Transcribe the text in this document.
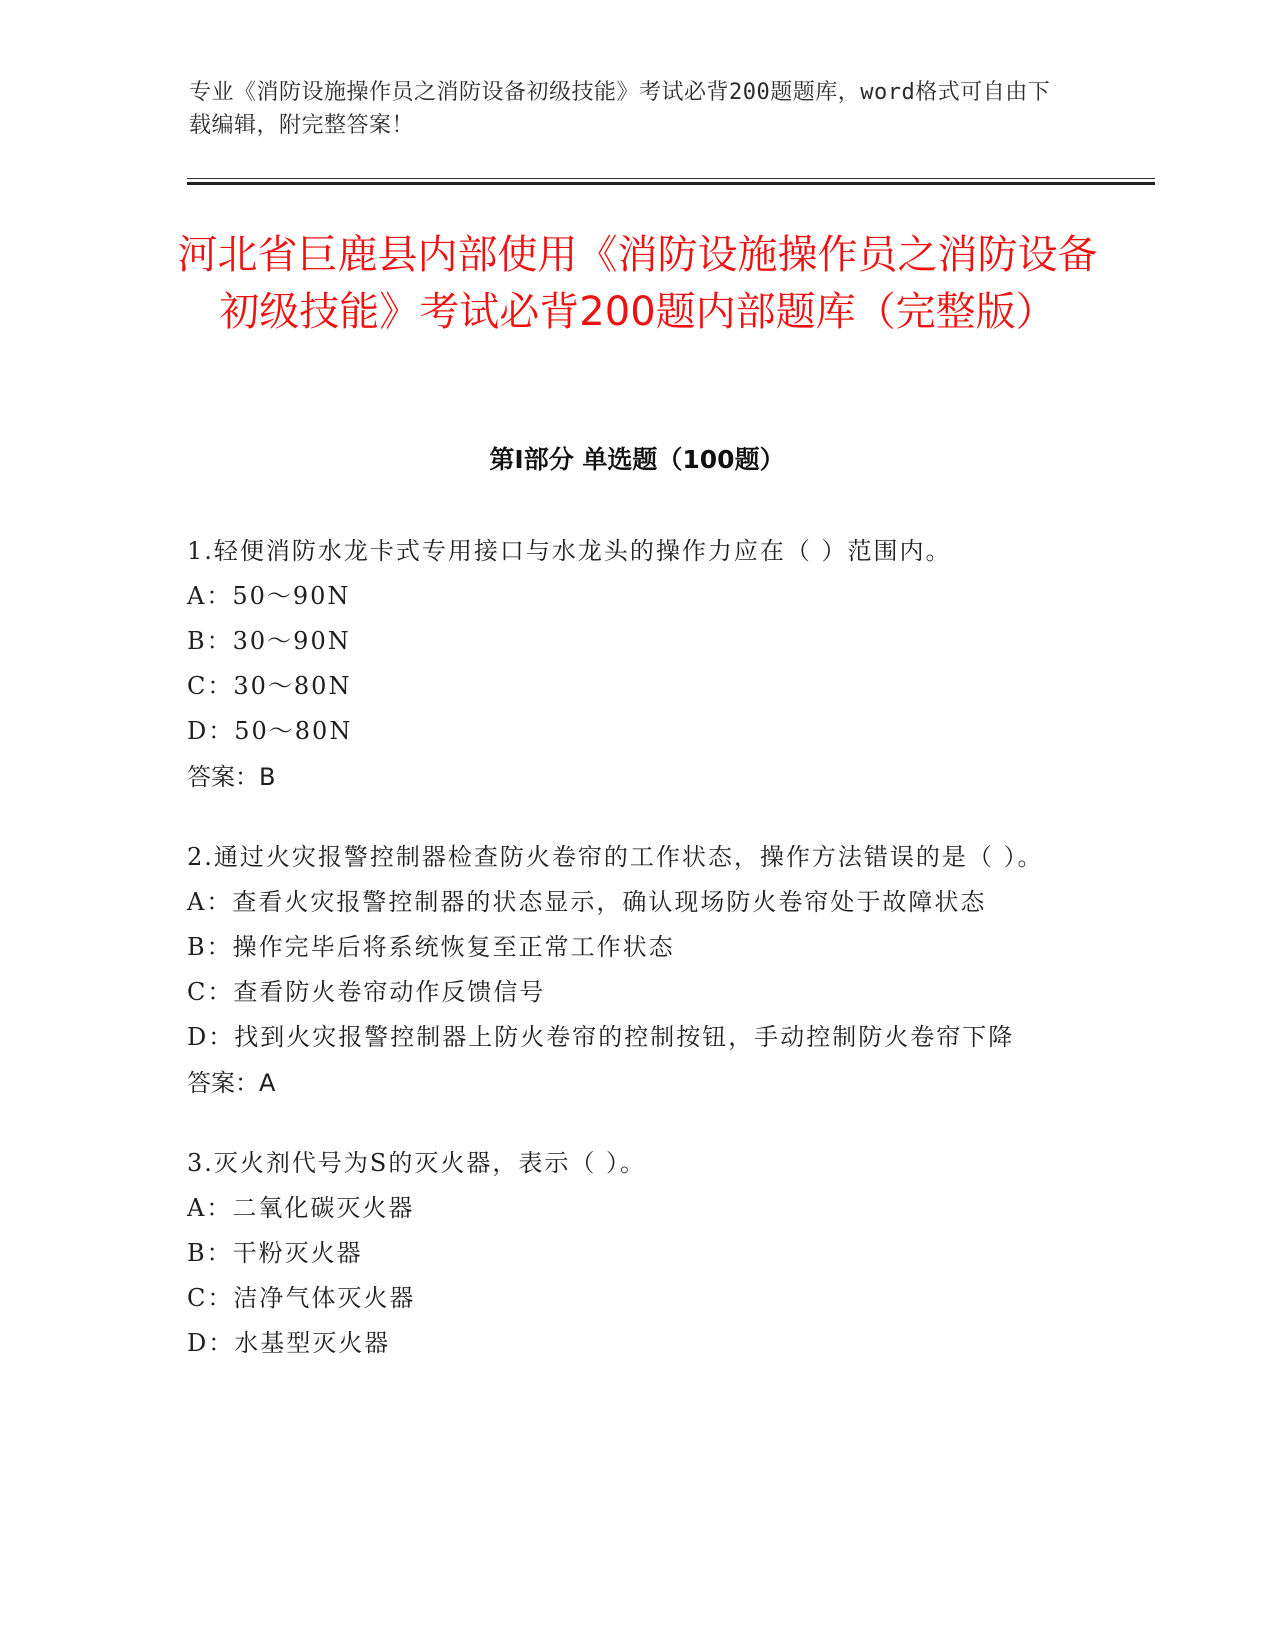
专业《消防设施操作员之消防设备初级技能》考试必背200题题库，word格式可自由下载编辑，附完整答案！
河北省巨鹿县内部使用《消防设施操作员之消防设备初级技能》考试必背200题内部题库（完整版）
第Ⅰ部分 单选题（100题）
1.轻便消防水龙卡式专用接口与水龙头的操作力应在（ ）范围内。
A：50～90N
B：30～90N
C：30～80N
D：50～80N
答案：B
2.通过火灾报警控制器检查防火卷帘的工作状态，操作方法错误的是（ ）。
A：查看火灾报警控制器的状态显示，确认现场防火卷帘处于故障状态
B：操作完毕后将系统恢复至正常工作状态
C：查看防火卷帘动作反馈信号
D：找到火灾报警控制器上防火卷帘的控制按钮，手动控制防火卷帘下降
答案：A
3.灭火剂代号为S的灭火器，表示（ ）。
A：二氧化碳灭火器
B：干粉灭火器
C：洁净气体灭火器
D：水基型灭火器
